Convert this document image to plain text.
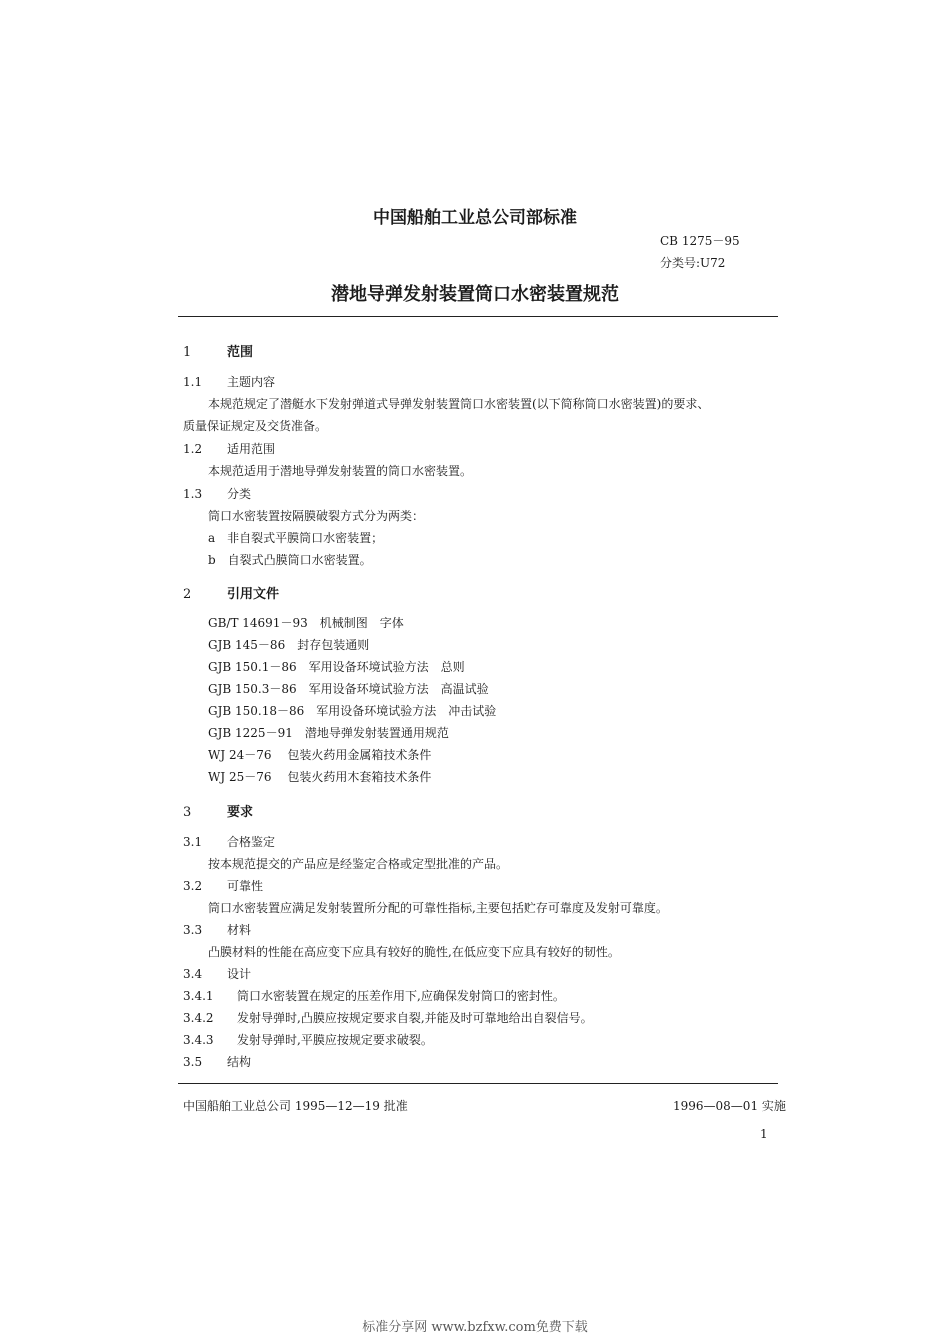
中国船舶工业总公司部标准
CB 1275－95
分类号:U72
潜地导弹发射装置筒口水密装置规范
1	范围
1.1 主题内容
本规范规定了潜艇水下发射弹道式导弹发射装置筒口水密装置(以下简称筒口水密装置)的要求、
质量保证规定及交货准备。
1.2 适用范围
本规范适用于潜地导弹发射装置的筒口水密装置。
1.3 分类
筒口水密装置按隔膜破裂方式分为两类：
a　非自裂式平膜筒口水密装置；
b　自裂式凸膜筒口水密装置。
2	引用文件
GB/T 14691－93　机械制图　字体
GJB 145－86　封存包装通则
GJB 150.1－86　军用设备环境试验方法　总则
GJB 150.3－86　军用设备环境试验方法　高温试验
GJB 150.18－86　军用设备环境试验方法　冲击试验
GJB 1225－91　潜地导弹发射装置通用规范
WJ 24－76　 包装火药用金属箱技术条件
WJ 25－76　 包装火药用木套箱技术条件
3	要求
3.1 合格鉴定
按本规范提交的产品应是经鉴定合格或定型批准的产品。
3.2 可靠性
筒口水密装置应满足发射装置所分配的可靠性指标,主要包括贮存可靠度及发射可靠度。
3.3 材料
凸膜材料的性能在高应变下应具有较好的脆性,在低应变下应具有较好的韧性。
3.4 设计
3.4.1 筒口水密装置在规定的压差作用下,应确保发射筒口的密封性。
3.4.2 发射导弹时,凸膜应按规定要求自裂,并能及时可靠地给出自裂信号。
3.4.3 发射导弹时,平膜应按规定要求破裂。
3.5 结构
中国船舶工业总公司 1995—12—19 批准	1996—08—01 实施
1
标准分享网 www.bzfxw.com免费下载
